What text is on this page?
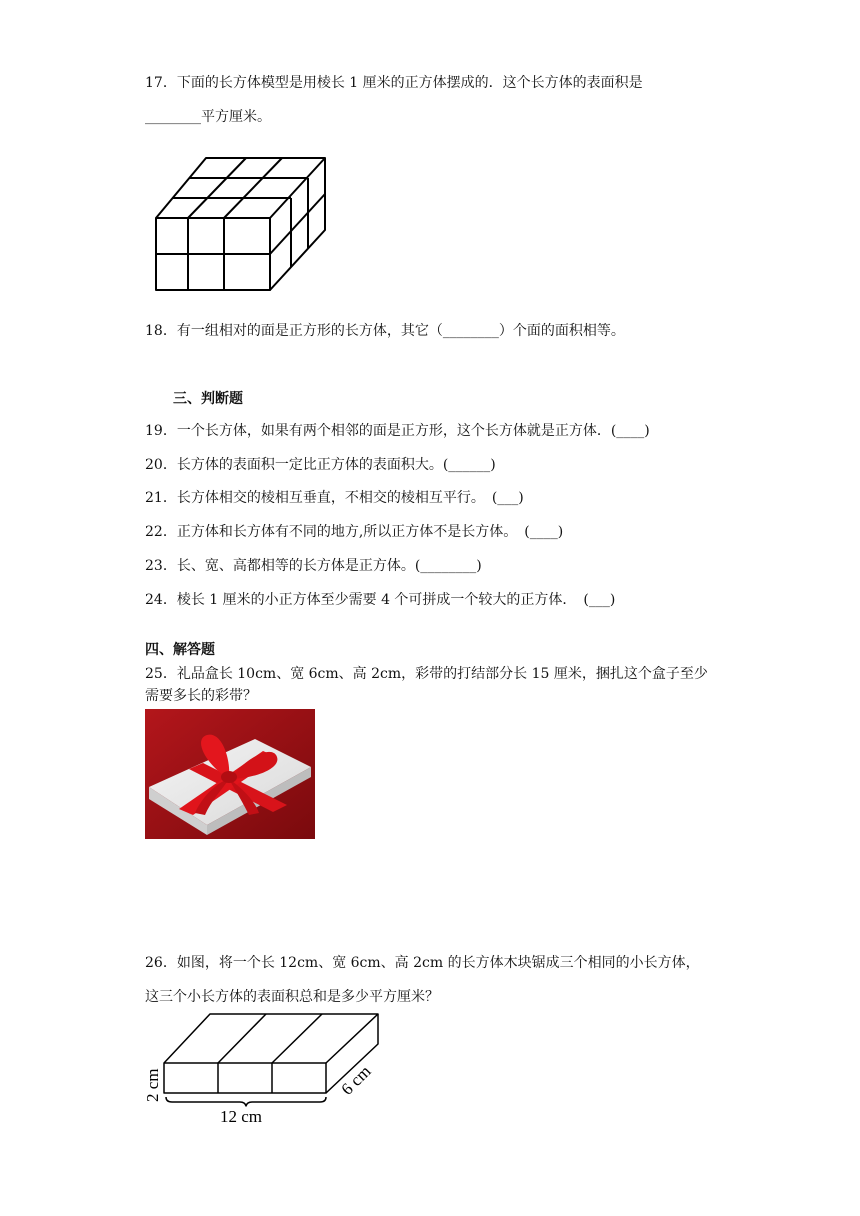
17．下面的长方体模型是用棱长 1 厘米的正方体摆成的．这个长方体的表面积是
________平方厘米。
18．有一组相对的面是正方形的长方体，其它（________）个面的面积相等。
三、判断题
19．一个长方体，如果有两个相邻的面是正方形，这个长方体就是正方体．(____)
20．长方体的表面积一定比正方体的表面积大。(______)
21．长方体相交的棱相互垂直，不相交的棱相互平行。　(___)
22．正方体和长方体有不同的地方,所以正方体不是长方体。　(____)
23．长、宽、高都相等的长方体是正方体。(________)
24．棱长 1 厘米的小正方体至少需要 4 个可拼成一个较大的正方体．　(___)
四、解答题
25．礼品盒长 10cm、宽 6cm、高 2cm，彩带的打结部分长 15 厘米，捆扎这个盒子至少
需要多长的彩带？
26．如图，将一个长 12cm、宽 6cm、高 2cm 的长方体木块锯成三个相同的小长方体，
这三个小长方体的表面积总和是多少平方厘米？
2 cm
12 cm
6 cm
